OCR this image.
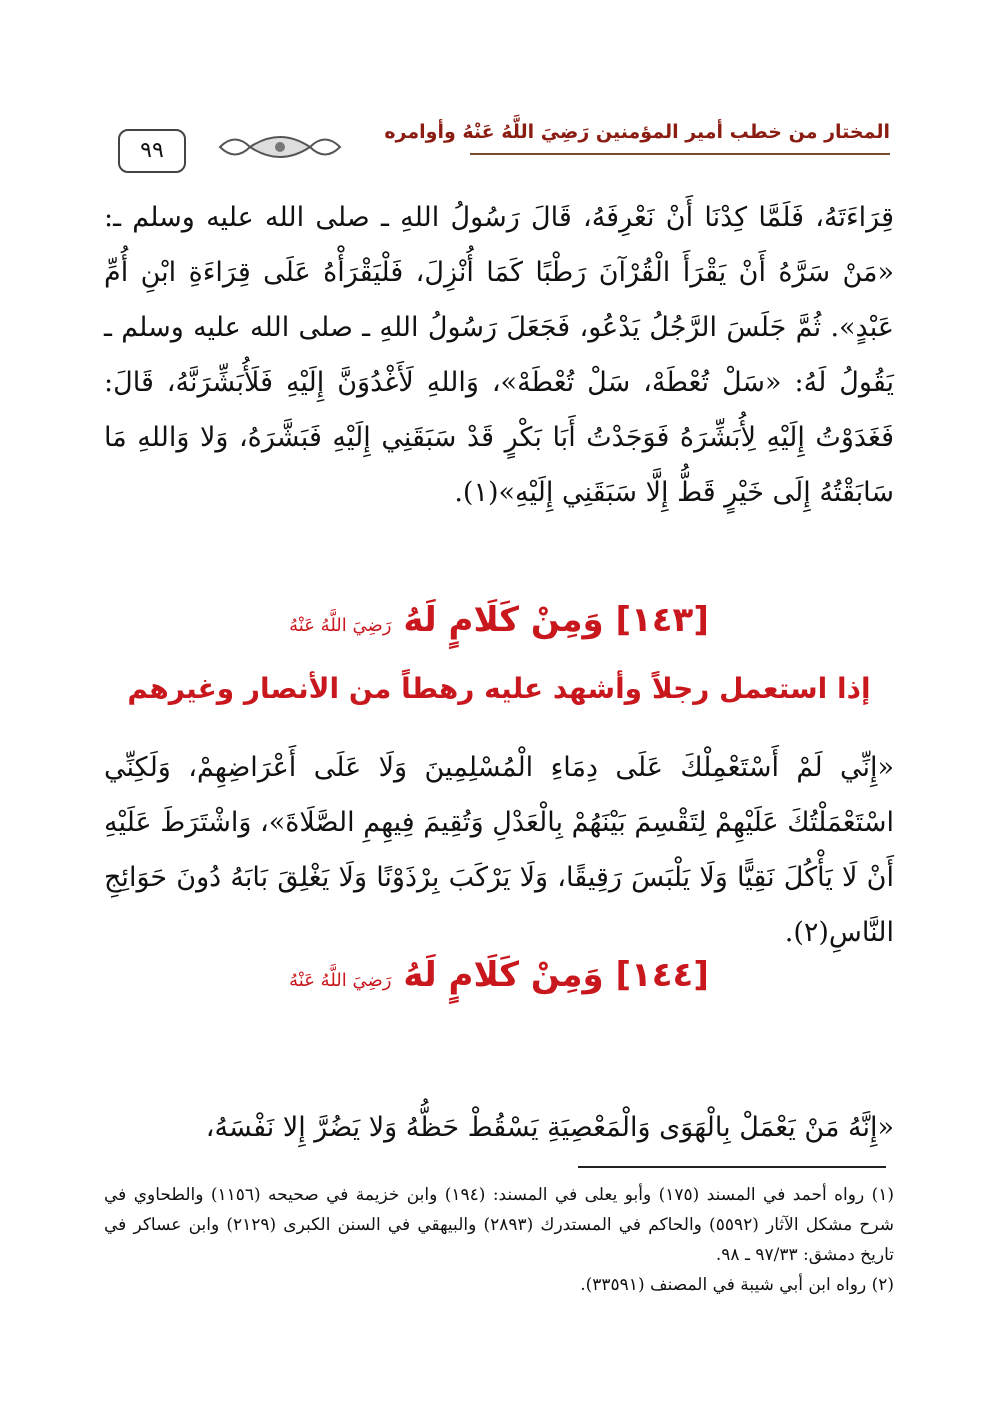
٩٩
المختار من خطب أمير المؤمنين رَضِيَ اللَّهُ عَنْهُ وأوامره

قِرَاءَتَهُ، فَلَمَّا كِدْنَا أَنْ نَعْرِفَهُ، قَالَ رَسُولُ اللهِ ـ صلى الله عليه وسلم ـ: «مَنْ سَرَّهُ أَنْ يَقْرَأَ الْقُرْآنَ رَطْبًا كَمَا أُنْزِلَ، فَلْيَقْرَأْهُ عَلَى قِرَاءَةِ ابْنِ أُمِّ عَبْدٍ». ثُمَّ جَلَسَ الرَّجُلُ يَدْعُو، فَجَعَلَ رَسُولُ اللهِ ـ صلى الله عليه وسلم ـ يَقُولُ لَهُ: «سَلْ تُعْطَهْ، سَلْ تُعْطَهْ»، وَاللهِ لَأَغْدُوَنَّ إِلَيْهِ فَلَأُبَشِّرَنَّهُ، قَالَ: فَغَدَوْتُ إِلَيْهِ لِأُبَشِّرَهُ فَوَجَدْتُ أَبَا بَكْرٍ قَدْ سَبَقَنِي إِلَيْهِ فَبَشَّرَهُ، وَلا وَاللهِ مَا سَابَقْتُهُ إِلَى خَيْرٍ قَطُّ إِلَّا سَبَقَنِي إِلَيْهِ»(١).

[١٤٣] وَمِنْ كَلَامٍ لَهُ رَضِيَ اللَّهُ عَنْهُ
إذا استعمل رجلاً وأشهد عليه رهطاً من الأنصار وغيرهم

«إِنِّي لَمْ أَسْتَعْمِلْكَ عَلَى دِمَاءِ الْمُسْلِمِينَ وَلَا عَلَى أَعْرَاضِهِمْ، وَلَكِنِّي اسْتَعْمَلْتُكَ عَلَيْهِمْ لِتَقْسِمَ بَيْنَهُمْ بِالْعَدْلِ وَتُقِيمَ فِيهِمِ الصَّلَاةَ»، وَاشْتَرَطَ عَلَيْهِ أَنْ لَا يَأْكُلَ نَقِيًّا وَلَا يَلْبَسَ رَقِيقًا، وَلَا يَرْكَبَ بِرْذَوْنًا وَلَا يَغْلِقَ بَابَهُ دُونَ حَوَائِجِ النَّاسِ(٢).

[١٤٤] وَمِنْ كَلَامٍ لَهُ رَضِيَ اللَّهُ عَنْهُ

«إِنَّهُ مَنْ يَعْمَلْ بِالْهَوَى وَالْمَعْصِيَةِ يَسْقُطْ حَظُّهُ وَلا يَضُرَّ إِلا نَفْسَهُ،

(١) رواه أحمد في المسند (١٧٥) وأبو يعلى في المسند: (١٩٤) وابن خزيمة في صحيحه (١١٥٦) والطحاوي في شرح مشكل الآثار (٥٥٩٢) والحاكم في المستدرك (٢٨٩٣) والبيهقي في السنن الكبرى (٢١٢٩) وابن عساكر في تاريخ دمشق: ٩٧/٣٣ ـ ٩٨.

(٢) رواه ابن أبي شيبة في المصنف (٣٣٥٩١).
